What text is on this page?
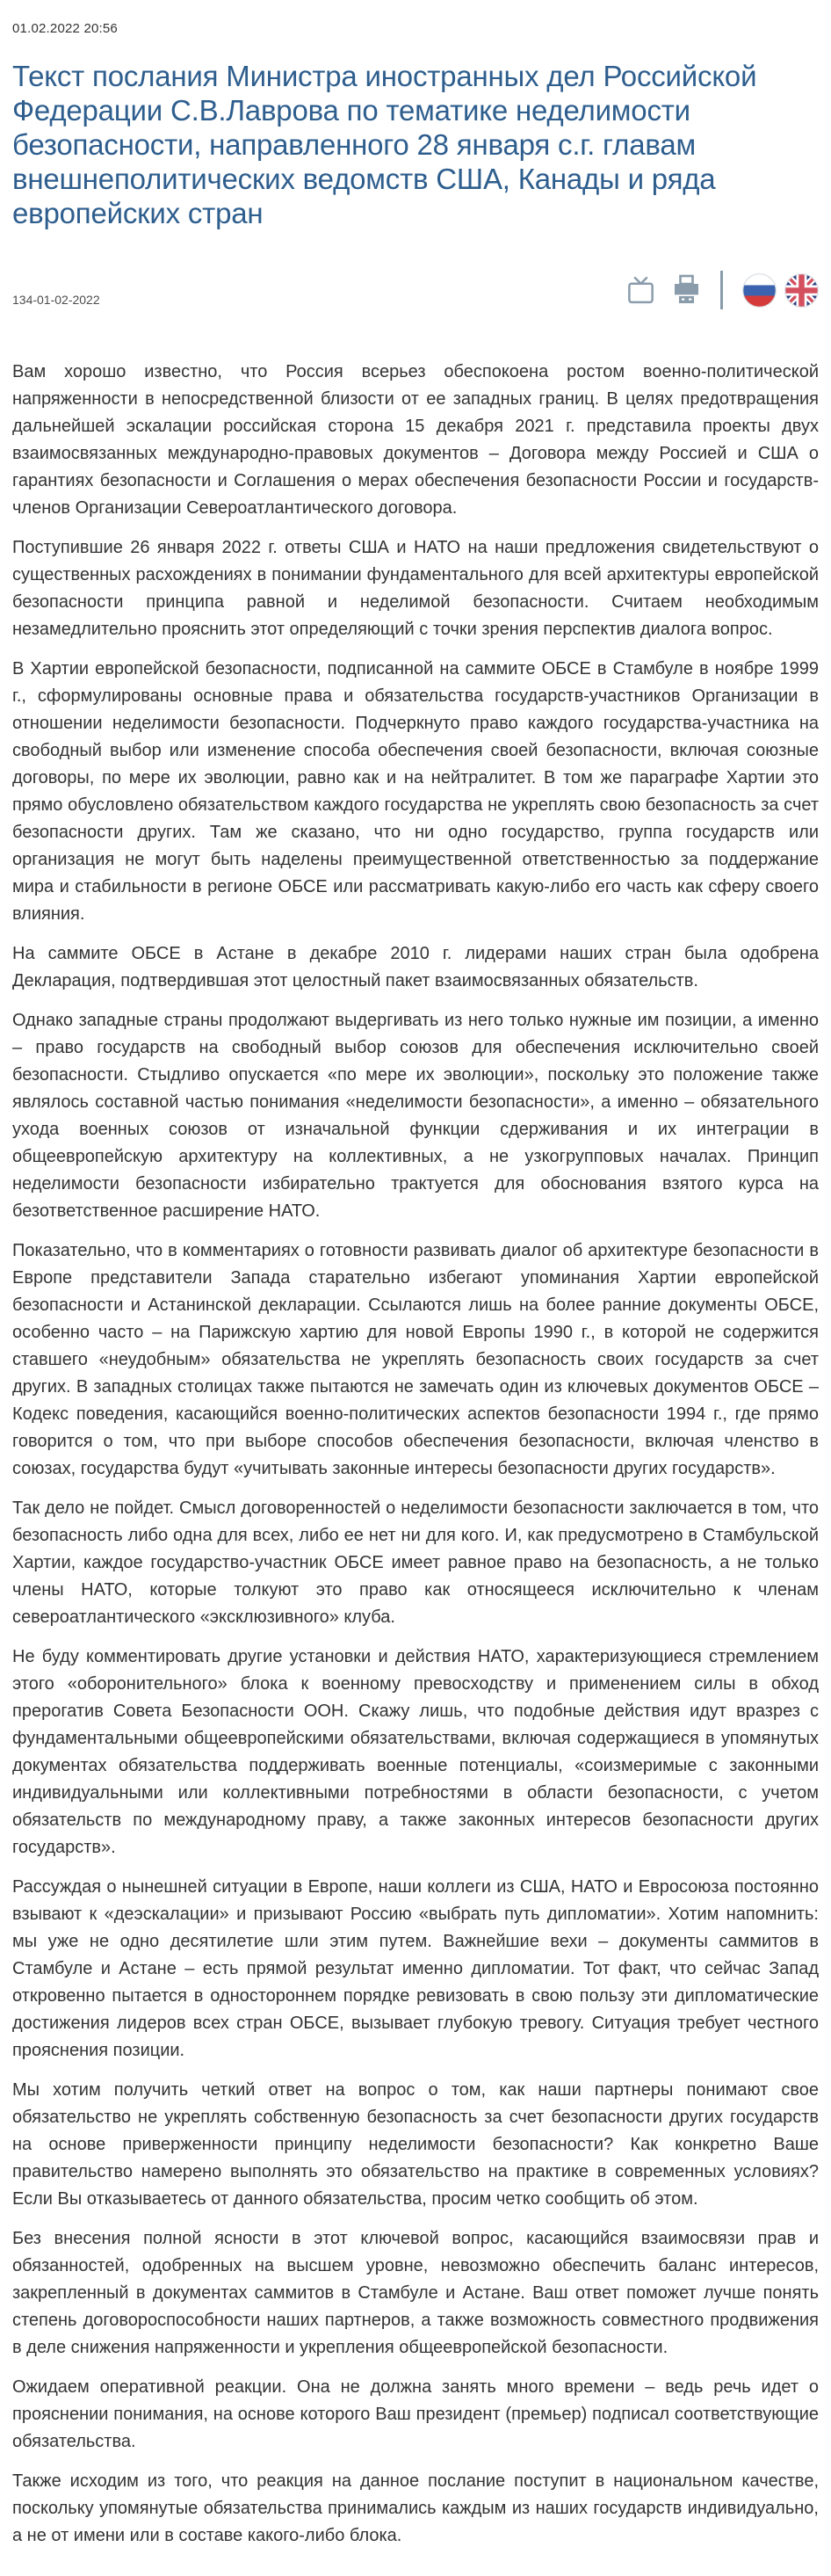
01.02.2022 20:56
Текст послания Министра иностранных дел Российской Федерации С.В.Лаврова по тематике неделимости безопасности, направленного 28 января с.г. главам внешнеполитических ведомств США, Канады и ряда европейских стран
134-01-02-2022

Вам хорошо известно, что Россия всерьез обеспокоена ростом военно-политической напряженности в непосредственной близости от ее западных границ. В целях предотвращения дальнейшей эскалации российская сторона 15 декабря 2021 г. представила проекты двух взаимосвязанных международно-правовых документов – Договора между Россией и США о гарантиях безопасности и Соглашения о мерах обеспечения безопасности России и государств-членов Организации Североатлантического договора.

Поступившие 26 января 2022 г. ответы США и НАТО на наши предложения свидетельствуют о существенных расхождениях в понимании фундаментального для всей архитектуры европейской безопасности принципа равной и неделимой безопасности. Считаем необходимым незамедлительно прояснить этот определяющий с точки зрения перспектив диалога вопрос.

В Хартии европейской безопасности, подписанной на саммите ОБСЕ в Стамбуле в ноябре 1999 г., сформулированы основные права и обязательства государств-участников Организации в отношении неделимости безопасности. Подчеркнуто право каждого государства-участника на свободный выбор или изменение способа обеспечения своей безопасности, включая союзные договоры, по мере их эволюции, равно как и на нейтралитет. В том же параграфе Хартии это прямо обусловлено обязательством каждого государства не укреплять свою безопасность за счет безопасности других. Там же сказано, что ни одно государство, группа государств или организация не могут быть наделены преимущественной ответственностью за поддержание мира и стабильности в регионе ОБСЕ или рассматривать какую-либо его часть как сферу своего влияния.

На саммите ОБСЕ в Астане в декабре 2010 г. лидерами наших стран была одобрена Декларация, подтвердившая этот целостный пакет взаимосвязанных обязательств.

Однако западные страны продолжают выдергивать из него только нужные им позиции, а именно – право государств на свободный выбор союзов для обеспечения исключительно своей безопасности. Стыдливо опускается «по мере их эволюции», поскольку это положение также являлось составной частью понимания «неделимости безопасности», а именно – обязательного ухода военных союзов от изначальной функции сдерживания и их интеграции в общеевропейскую архитектуру на коллективных, а не узкогрупповых началах. Принцип неделимости безопасности избирательно трактуется для обоснования взятого курса на безответственное расширение НАТО.

Показательно, что в комментариях о готовности развивать диалог об архитектуре безопасности в Европе представители Запада старательно избегают упоминания Хартии европейской безопасности и Астанинской декларации. Ссылаются лишь на более ранние документы ОБСЕ, особенно часто – на Парижскую хартию для новой Европы 1990 г., в которой не содержится ставшего «неудобным» обязательства не укреплять безопасность своих государств за счет других. В западных столицах также пытаются не замечать один из ключевых документов ОБСЕ – Кодекс поведения, касающийся военно-политических аспектов безопасности 1994 г., где прямо говорится о том, что при выборе способов обеспечения безопасности, включая членство в союзах, государства будут «учитывать законные интересы безопасности других государств».

Так дело не пойдет. Смысл договоренностей о неделимости безопасности заключается в том, что безопасность либо одна для всех, либо ее нет ни для кого. И, как предусмотрено в Стамбульской Хартии, каждое государство-участник ОБСЕ имеет равное право на безопасность, а не только члены НАТО, которые толкуют это право как относящееся исключительно к членам североатлантического «эксклюзивного» клуба.

Не буду комментировать другие установки и действия НАТО, характеризующиеся стремлением этого «оборонительного» блока к военному превосходству и применением силы в обход прерогатив Совета Безопасности ООН. Скажу лишь, что подобные действия идут вразрез с фундаментальными общеевропейскими обязательствами, включая содержащиеся в упомянутых документах обязательства поддерживать военные потенциалы, «соизмеримые с законными индивидуальными или коллективными потребностями в области безопасности, с учетом обязательств по международному праву, а также законных интересов безопасности других государств».

Рассуждая о нынешней ситуации в Европе, наши коллеги из США, НАТО и Евросоюза постоянно взывают к «деэскалации» и призывают Россию «выбрать путь дипломатии». Хотим напомнить: мы уже не одно десятилетие шли этим путем. Важнейшие вехи – документы саммитов в Стамбуле и Астане – есть прямой результат именно дипломатии. Тот факт, что сейчас Запад откровенно пытается в одностороннем порядке ревизовать в свою пользу эти дипломатические достижения лидеров всех стран ОБСЕ, вызывает глубокую тревогу. Ситуация требует честного прояснения позиции.

Мы хотим получить четкий ответ на вопрос о том, как наши партнеры понимают свое обязательство не укреплять собственную безопасность за счет безопасности других государств на основе приверженности принципу неделимости безопасности? Как конкретно Ваше правительство намерено выполнять это обязательство на практике в современных условиях? Если Вы отказываетесь от данного обязательства, просим четко сообщить об этом.

Без внесения полной ясности в этот ключевой вопрос, касающийся взаимосвязи прав и обязанностей, одобренных на высшем уровне, невозможно обеспечить баланс интересов, закрепленный в документах саммитов в Стамбуле и Астане. Ваш ответ поможет лучше понять степень договороспособности наших партнеров, а также возможность совместного продвижения в деле снижения напряженности и укрепления общеевропейской безопасности.

Ожидаем оперативной реакции. Она не должна занять много времени – ведь речь идет о прояснении понимания, на основе которого Ваш президент (премьер) подписал соответствующие обязательства.

Также исходим из того, что реакция на данное послание поступит в национальном качестве, поскольку упомянутые обязательства принимались каждым из наших государств индивидуально, а не от имени или в составе какого-либо блока.
